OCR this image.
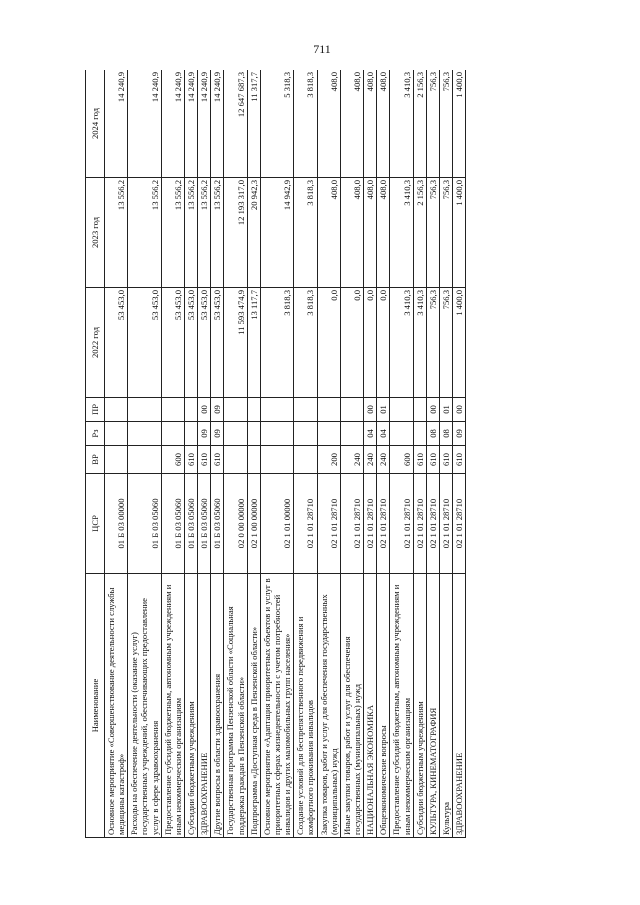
711
Наименование	ЦСР	ВР	Рз	ПР	2022 год	2023 год	2024 год
Основное мероприятие «Совершенствование деятельности службы медицины катастроф»	01 Б 03 00000				53 453,0	13 556,2	14 240,9
Расходы на обеспечение деятельности (оказание услуг) государственных учреждений, обеспечивающих предоставление услуг в сфере здравоохранения	01 Б 03 05060				53 453,0	13 556,2	14 240,9
Предоставление субсидий бюджетным, автономным учреждениям и иным некоммерческим организациям	01 Б 03 05060	600			53 453,0	13 556,2	14 240,9
Субсидии бюджетным учреждениям	01 Б 03 05060	610			53 453,0	13 556,2	14 240,9
ЗДРАВООХРАНЕНИЕ	01 Б 03 05060	610	09	00	53 453,0	13 556,2	14 240,9
Другие вопросы в области здравоохранения	01 Б 03 05060	610	09	09	53 453,0	13 556,2	14 240,9
Государственная программа Пензенской области «Социальная поддержка граждан в Пензенской области»	02 0 00 00000				11 593 474,9	12 193 317,0	12 647 687,3
Подпрограмма «Доступная среда в Пензенской области»	02 1 00 00000				13 117,7	20 942,3	11 317,7
Основное мероприятие «Адаптация приоритетных объектов и услуг в приоритетных сферах жизнедеятельности с учетом потребностей инвалидов и других маломобильных групп населения»	02 1 01 00000				3 818,3	14 942,9	5 318,3
Создание условий для беспрепятственного передвижения и комфортного проживания инвалидов	02 1 01 28710				3 818,3	3 818,3	3 818,3
Закупка товаров, работ и услуг для обеспечения государственных (муниципальных) нужд	02 1 01 28710	200			0,0	408,0	408,0
Иные закупки товаров, работ и услуг для обеспечения государственных (муниципальных) нужд	02 1 01 28710	240			0,0	408,0	408,0
НАЦИОНАЛЬНАЯ ЭКОНОМИКА	02 1 01 28710	240	04	00	0,0	408,0	408,0
Общеэкономические вопросы	02 1 01 28710	240	04	01	0,0	408,0	408,0
Предоставление субсидий бюджетным, автономным учреждениям и иным некоммерческим организациям	02 1 01 28710	600			3 410,3	3 410,3	3 410,3
Субсидии бюджетным учреждениям	02 1 01 28710	610			3 410,3	2 156,3	2 156,3
КУЛЬТУРА, КИНЕМАТОГРАФИЯ	02 1 01 28710	610	08	00	756,3	756,3	756,3
Культура	02 1 01 28710	610	08	01	756,3	756,3	756,3
ЗДРАВООХРАНЕНИЕ	02 1 01 28710	610	09	00	1 400,0	1 400,0	1 400,0
